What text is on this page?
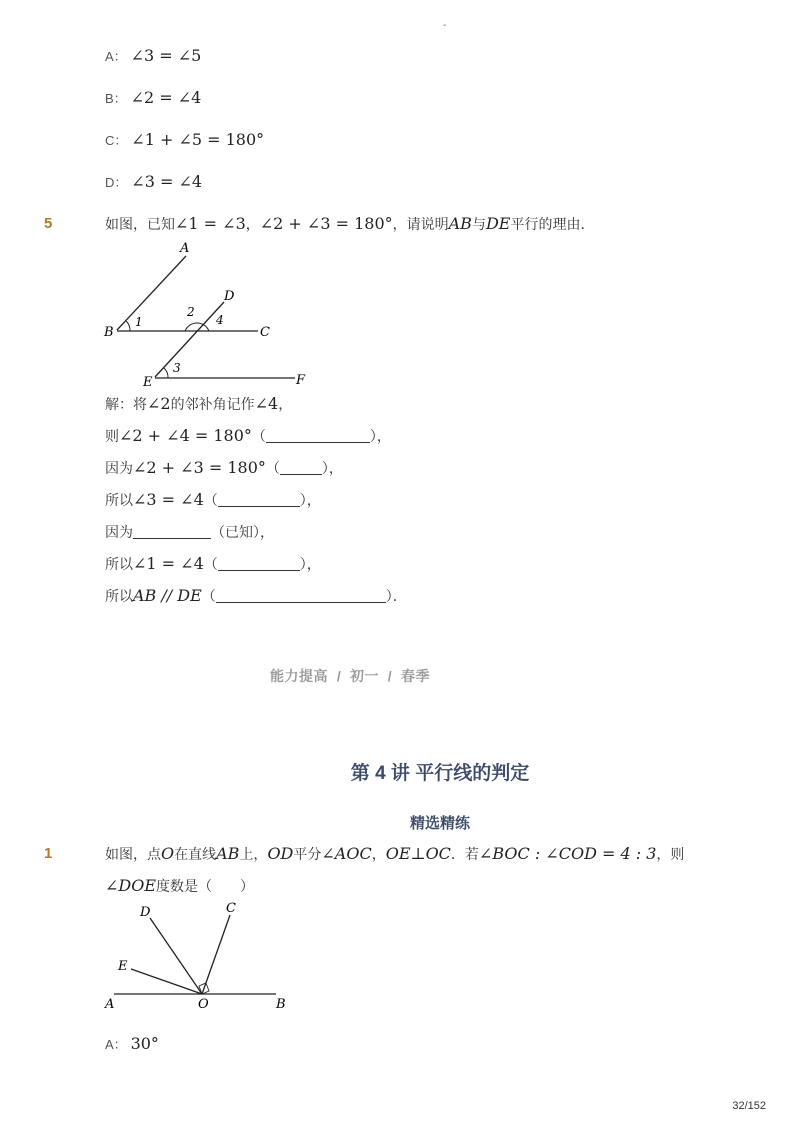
-
A： ∠3 = ∠5
B： ∠2 = ∠4
C： ∠1 + ∠5 = 180°
D： ∠3 = ∠4
5	如图，已知∠1 = ∠3，∠2 + ∠3 = 180°，请说明AB与DE平行的理由．
A
B	C
D
E	F
1
2
3
4
解：将∠2的邻补角记作∠4，
则∠2 + ∠4 = 180°（	），
因为∠2 + ∠3 = 180°（	），
所以∠3 = ∠4（	），
因为	（已知），
所以∠1 = ∠4（	），
所以AB // DE（	）．
能力提高  /  初一  /  春季
第 4 讲 平行线的判定
精选精练
1	如图，点O在直线AB上，OD平分∠AOC，OE⊥OC．若∠BOC : ∠COD = 4 : 3，则
∠DOE度数是（　　）
C
D
E
A	O	B
A： 30°
32/152
